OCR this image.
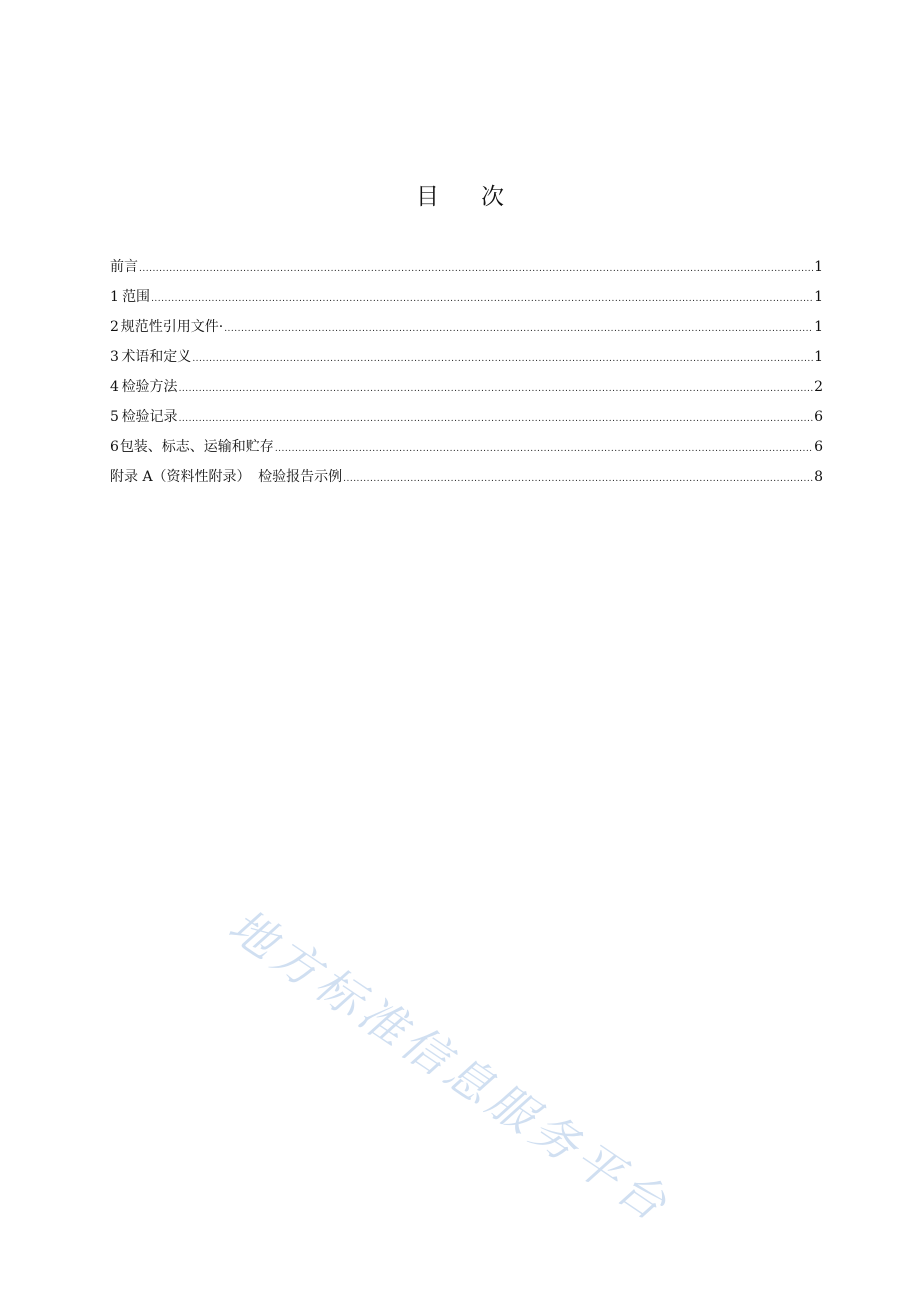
目 次
前言 .....	1
1 范围 .....	1
2 规范性引用文件· .....	1
3 术语和定义 .....	1
4 检验方法 .....	2
5 检验记录 .....	6
6 包装、标志、运输和贮存 .....	6
附录 A（资料性附录） 检验报告示例 .....	8
地方标准信息服务平台
